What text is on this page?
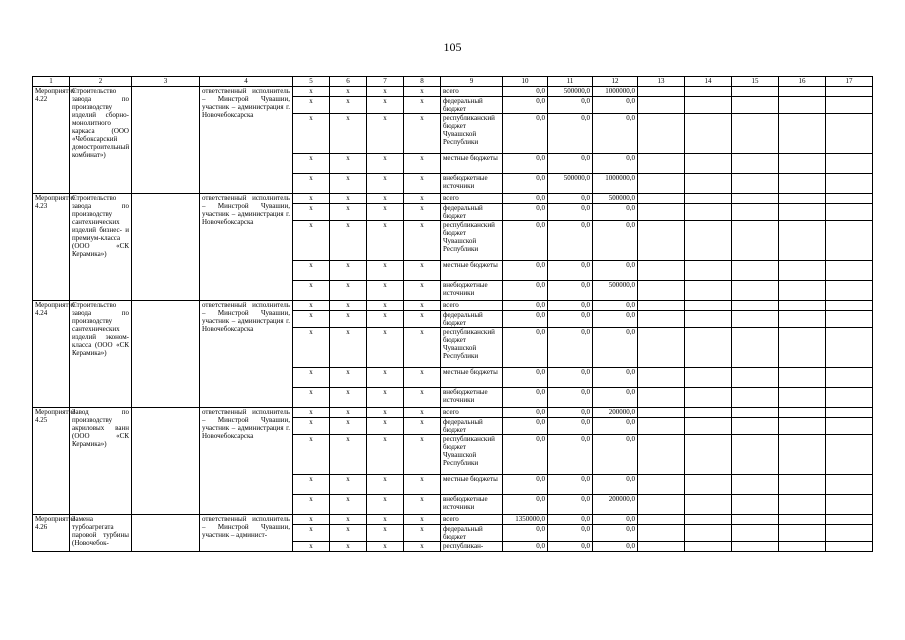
105
1	2	3	4	5	6	7	8	9	10	11	12	13	14	15	16	17
Мероприятие 4.22	Строительство завода по производству изделий сборно-монолитного каркаса (ООО «Чебоксарский домостроительный комбинат»)		ответственный исполнитель – Минстрой Чувашии, участник – администрация г. Новочебоксарска	х	х	х	х	всего	0,0	500000,0	1000000,0					
				х	х	х	х	федеральный бюджет	0,0	0,0	0,0					
				х	х	х	х	республиканский бюджет Чувашской Республики	0,0	0,0	0,0					
				х	х	х	х	местные бюджеты	0,0	0,0	0,0					
				х	х	х	х	внебюджетные источники	0,0	500000,0	1000000,0					
Мероприятие 4.23	Строительство завода по производству сантехнических изделий бизнес- и премиум-класса (ООО «СК Керамика»)		ответственный исполнитель – Минстрой Чувашии, участник – администрация г. Новочебоксарска	х	х	х	х	всего	0,0	0,0	500000,0					
				х	х	х	х	федеральный бюджет	0,0	0,0	0,0					
				х	х	х	х	республиканский бюджет Чувашской Республики	0,0	0,0	0,0					
				х	х	х	х	местные бюджеты	0,0	0,0	0,0					
				х	х	х	х	внебюджетные источники	0,0	0,0	500000,0					
Мероприятие 4.24	Строительство завода по производству сантехнических изделий эконом-класса (ООО «СК Керамика»)		ответственный исполнитель – Минстрой Чувашии, участник – администрация г. Новочебоксарска	х	х	х	х	всего	0,0	0,0	0,0					
				х	х	х	х	федеральный бюджет	0,0	0,0	0,0					
				х	х	х	х	республиканский бюджет Чувашской Республики	0,0	0,0	0,0					
				х	х	х	х	местные бюджеты	0,0	0,0	0,0					
				х	х	х	х	внебюджетные источники	0,0	0,0	0,0					
Мероприятие 4.25	Завод по производству акриловых ванн (ООО «СК Керамика»)		ответственный исполнитель – Минстрой Чувашии, участник – администрация г. Новочебоксарска	х	х	х	х	всего	0,0	0,0	200000,0					
				х	х	х	х	федеральный бюджет	0,0	0,0	0,0					
				х	х	х	х	республиканский бюджет Чувашской Республики	0,0	0,0	0,0					
				х	х	х	х	местные бюджеты	0,0	0,0	0,0					
				х	х	х	х	внебюджетные источники	0,0	0,0	200000,0					
Мероприятие 4.26	Замена турбоагрегата паровой турбины (Новочебок-		ответственный исполнитель – Минстрой Чувашии, участник – админист-	х	х	х	х	всего	1350000,0	0,0	0,0					
				х	х	х	х	федеральный бюджет	0,0	0,0	0,0					
				х	х	х	х	республикан-	0,0	0,0	0,0					
